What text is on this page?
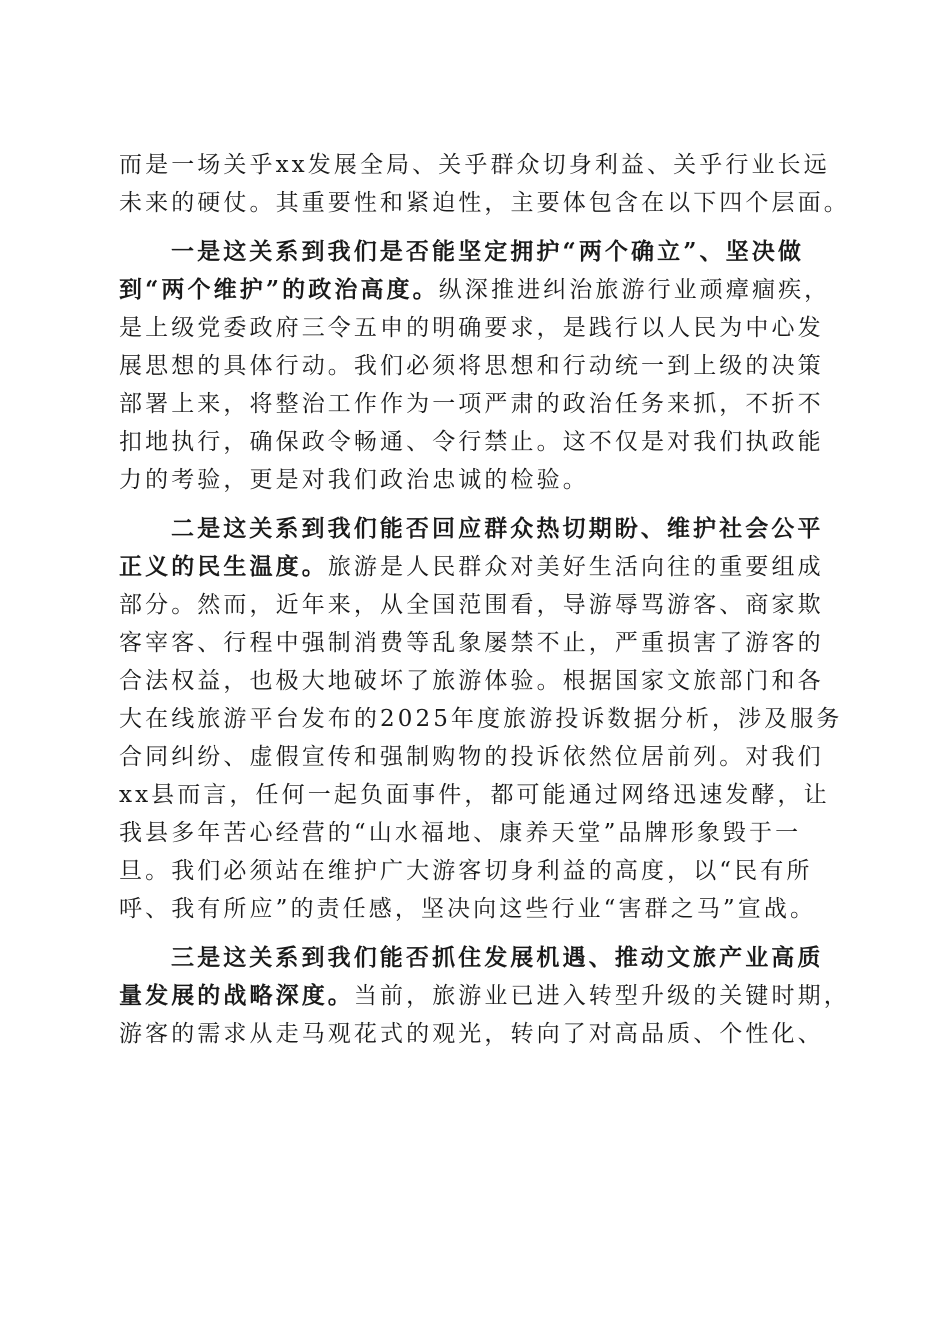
而是一场关乎xx发展全局、关乎群众切身利益、关乎行业长远
未来的硬仗。其重要性和紧迫性，主要体包含在以下四个层面。
一是这关系到我们是否能坚定拥护“两个确立”、坚决做
到“两个维护”的政治高度。纵深推进纠治旅游行业顽瘴痼疾，
是上级党委政府三令五申的明确要求，是践行以人民为中心发
展思想的具体行动。我们必须将思想和行动统一到上级的决策
部署上来，将整治工作作为一项严肃的政治任务来抓，不折不
扣地执行，确保政令畅通、令行禁止。这不仅是对我们执政能
力的考验，更是对我们政治忠诚的检验。
二是这关系到我们能否回应群众热切期盼、维护社会公平
正义的民生温度。旅游是人民群众对美好生活向往的重要组成
部分。然而，近年来，从全国范围看，导游辱骂游客、商家欺
客宰客、行程中强制消费等乱象屡禁不止，严重损害了游客的
合法权益，也极大地破坏了旅游体验。根据国家文旅部门和各
大在线旅游平台发布的2025年度旅游投诉数据分析，涉及服务
合同纠纷、虚假宣传和强制购物的投诉依然位居前列。对我们
xx县而言，任何一起负面事件，都可能通过网络迅速发酵，让
我县多年苦心经营的“山水福地、康养天堂”品牌形象毁于一
旦。我们必须站在维护广大游客切身利益的高度，以“民有所
呼、我有所应”的责任感，坚决向这些行业“害群之马”宣战。
三是这关系到我们能否抓住发展机遇、推动文旅产业高质
量发展的战略深度。当前，旅游业已进入转型升级的关键时期，
游客的需求从走马观花式的观光，转向了对高品质、个性化、
